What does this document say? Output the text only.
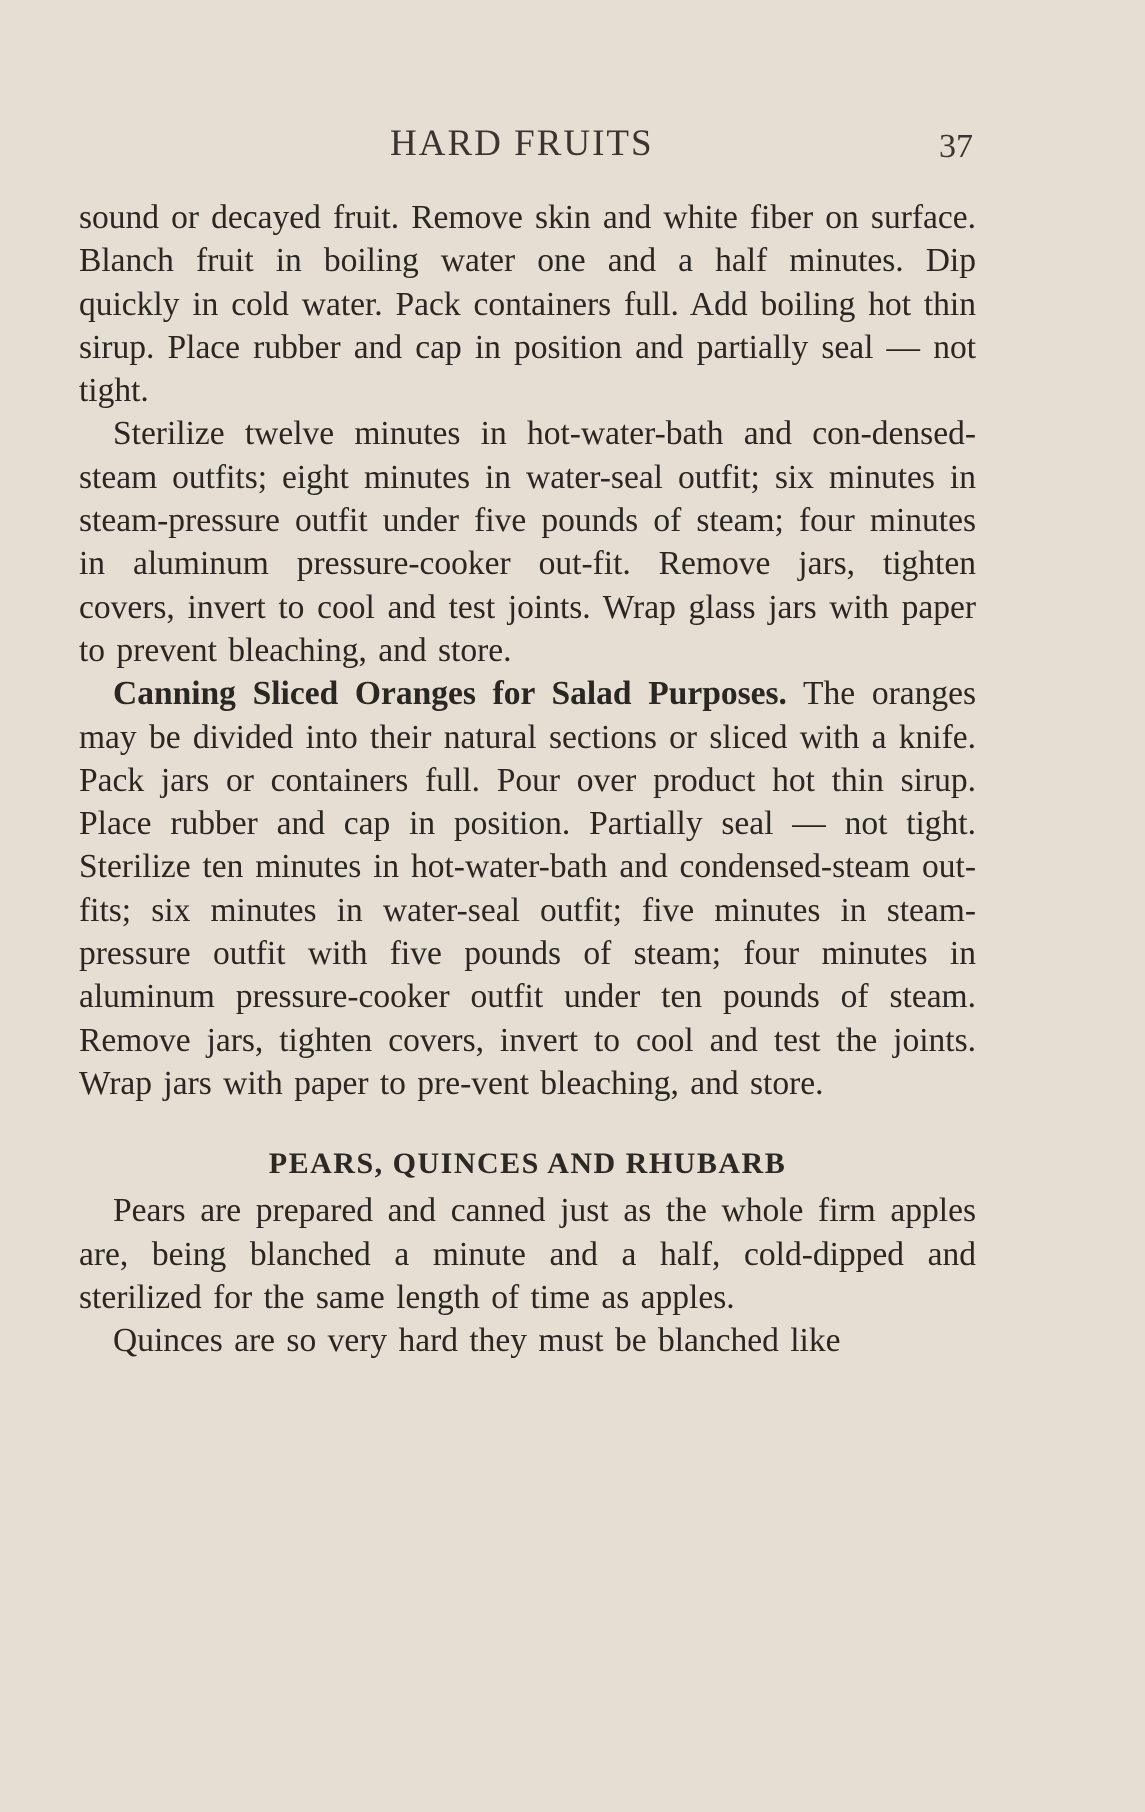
HARD FRUITS	37

sound or decayed fruit. Remove skin and white fiber on surface. Blanch fruit in boiling water one and a half minutes. Dip quickly in cold water. Pack containers full. Add boiling hot thin sirup. Place rubber and cap in position and partially seal — not tight.

Sterilize twelve minutes in hot-water-bath and con-densed-steam outfits; eight minutes in water-seal outfit; six minutes in steam-pressure outfit under five pounds of steam; four minutes in aluminum pressure-cooker out-fit. Remove jars, tighten covers, invert to cool and test joints. Wrap glass jars with paper to prevent bleaching, and store.

Canning Sliced Oranges for Salad Purposes. The oranges may be divided into their natural sections or sliced with a knife. Pack jars or containers full. Pour over product hot thin sirup. Place rubber and cap in position. Partially seal — not tight. Sterilize ten minutes in hot-water-bath and condensed-steam out-fits; six minutes in water-seal outfit; five minutes in steam-pressure outfit with five pounds of steam; four minutes in aluminum pressure-cooker outfit under ten pounds of steam. Remove jars, tighten covers, invert to cool and test the joints. Wrap jars with paper to pre-vent bleaching, and store.

PEARS, QUINCES AND RHUBARB

Pears are prepared and canned just as the whole firm apples are, being blanched a minute and a half, cold-dipped and sterilized for the same length of time as apples.

Quinces are so very hard they must be blanched like
